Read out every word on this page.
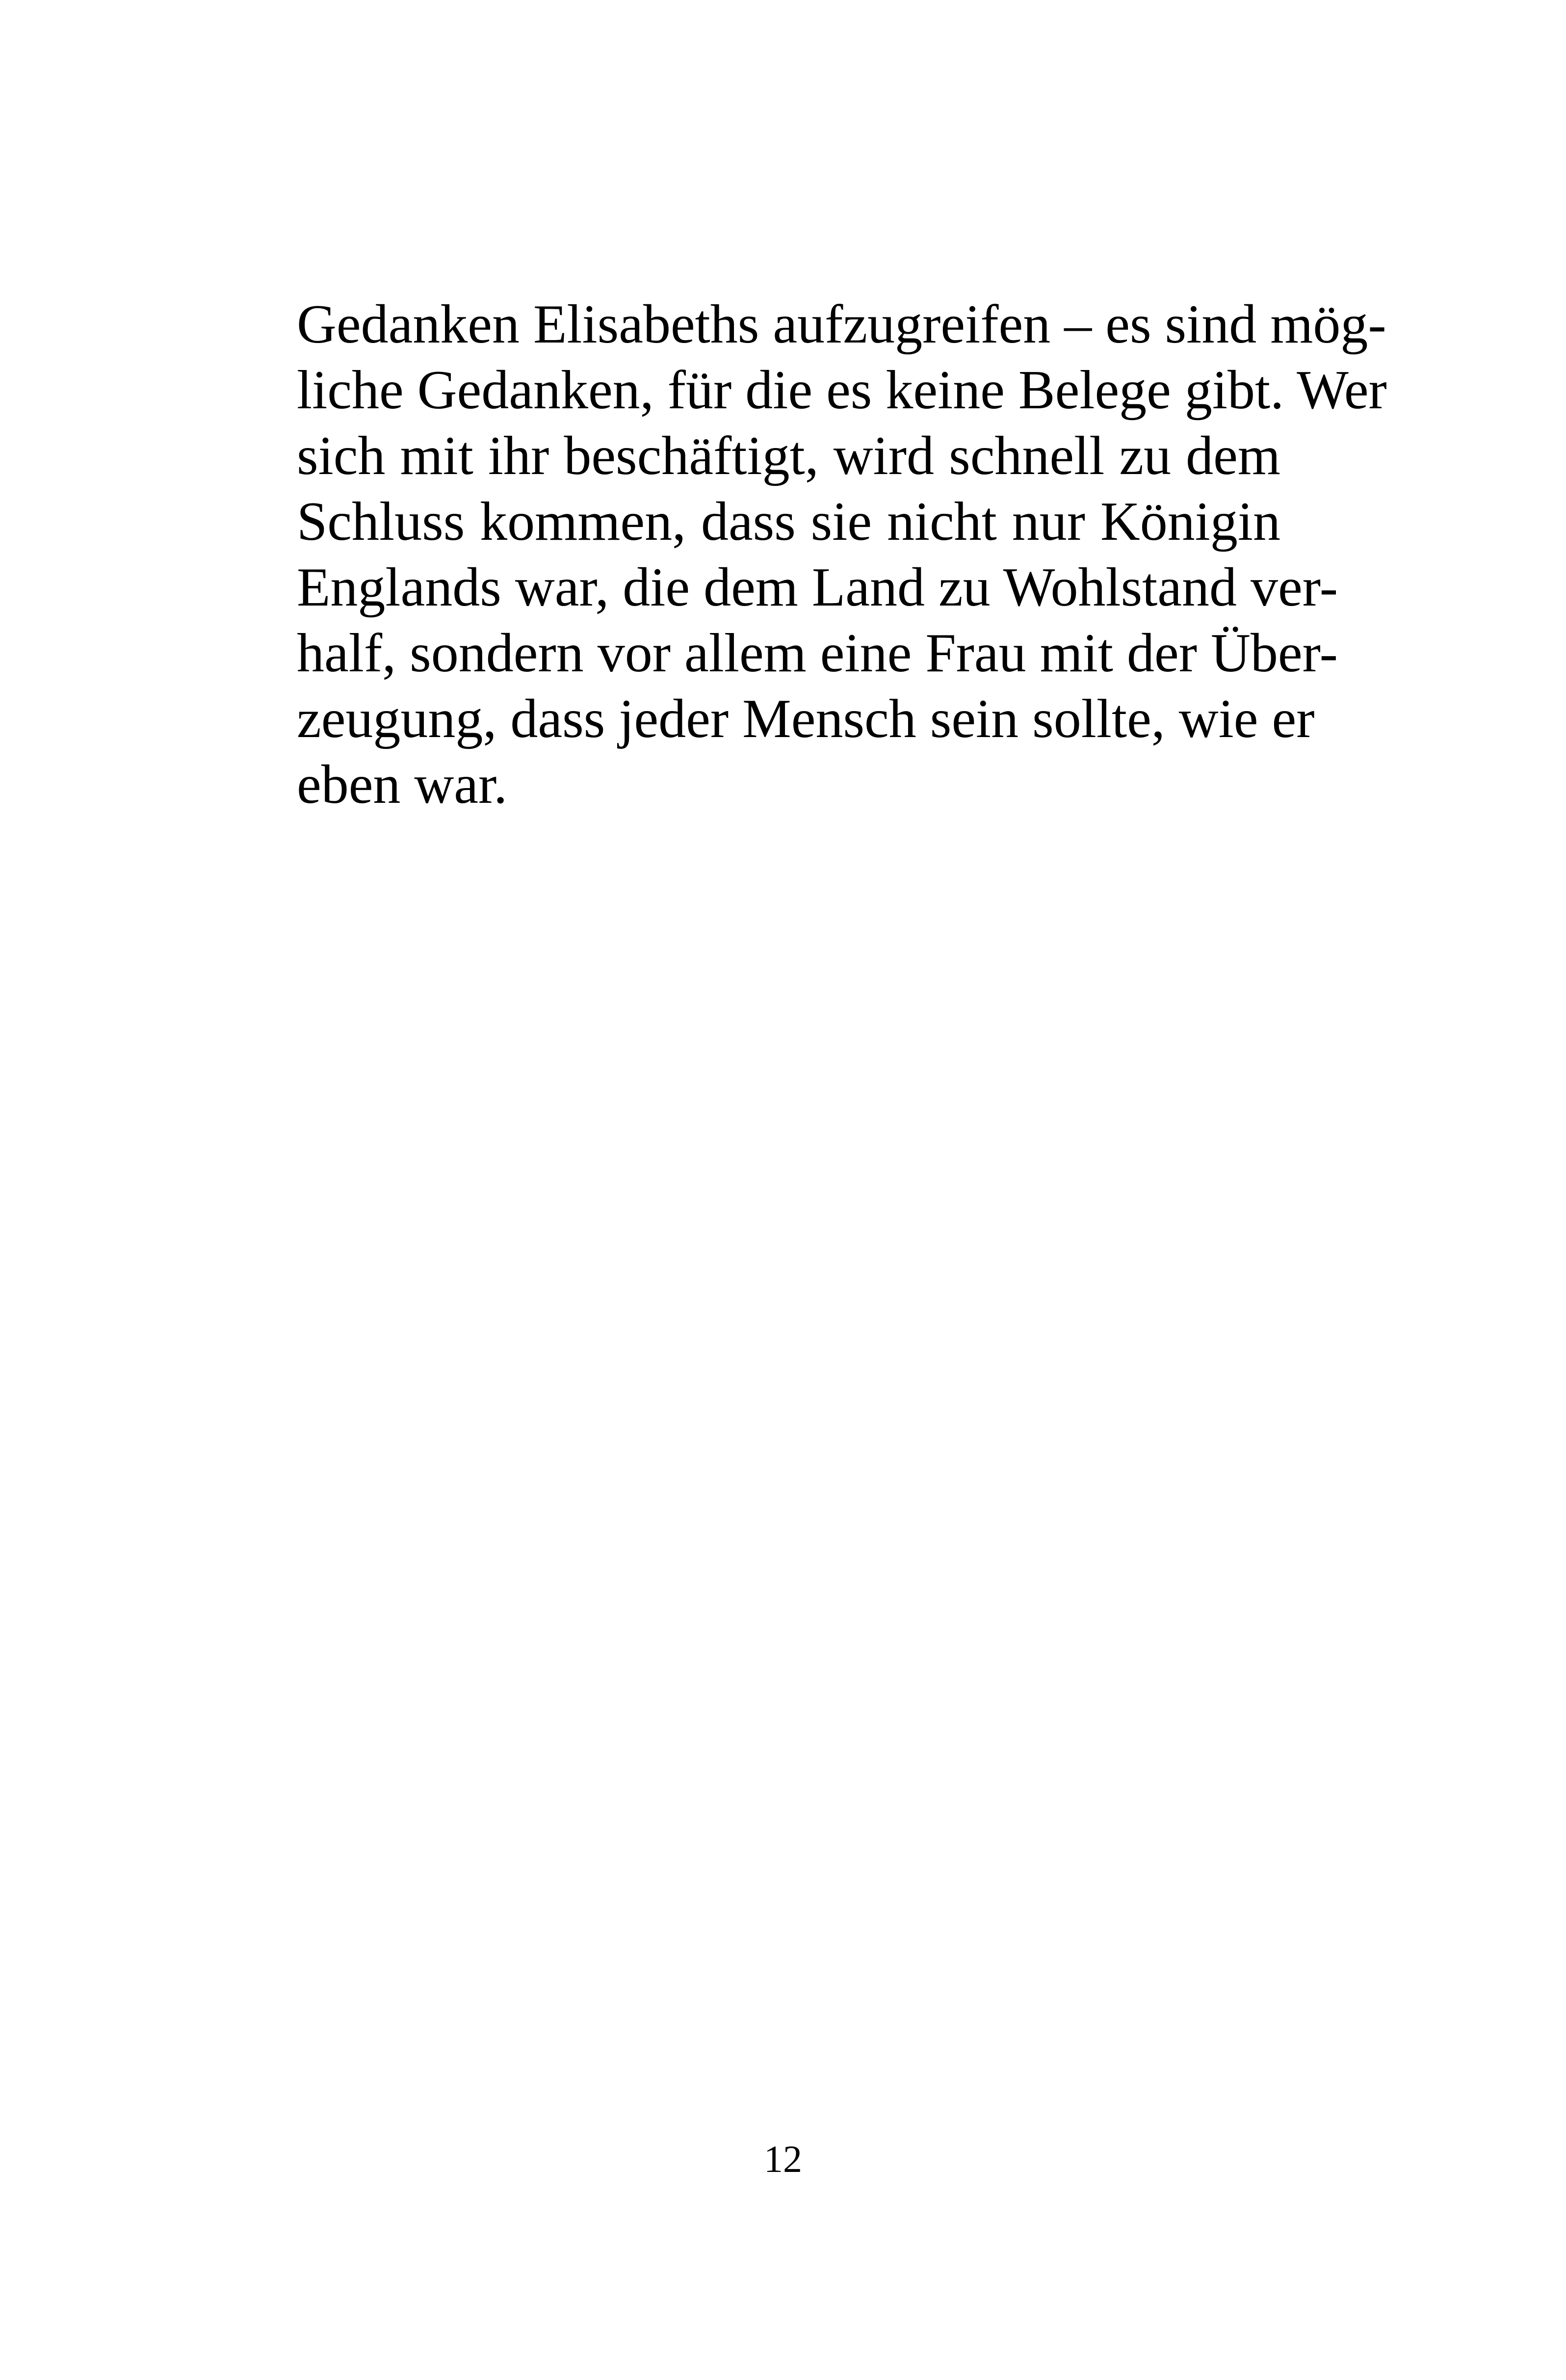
Gedanken Elisabeths aufzugreifen – es sind mög-
liche Gedanken, für die es keine Belege gibt. Wer
sich mit ihr beschäftigt, wird schnell zu dem
Schluss kommen, dass sie nicht nur Königin
Englands war, die dem Land zu Wohlstand ver-
half, sondern vor allem eine Frau mit der Über-
zeugung, dass jeder Mensch sein sollte, wie er
eben war.
12
